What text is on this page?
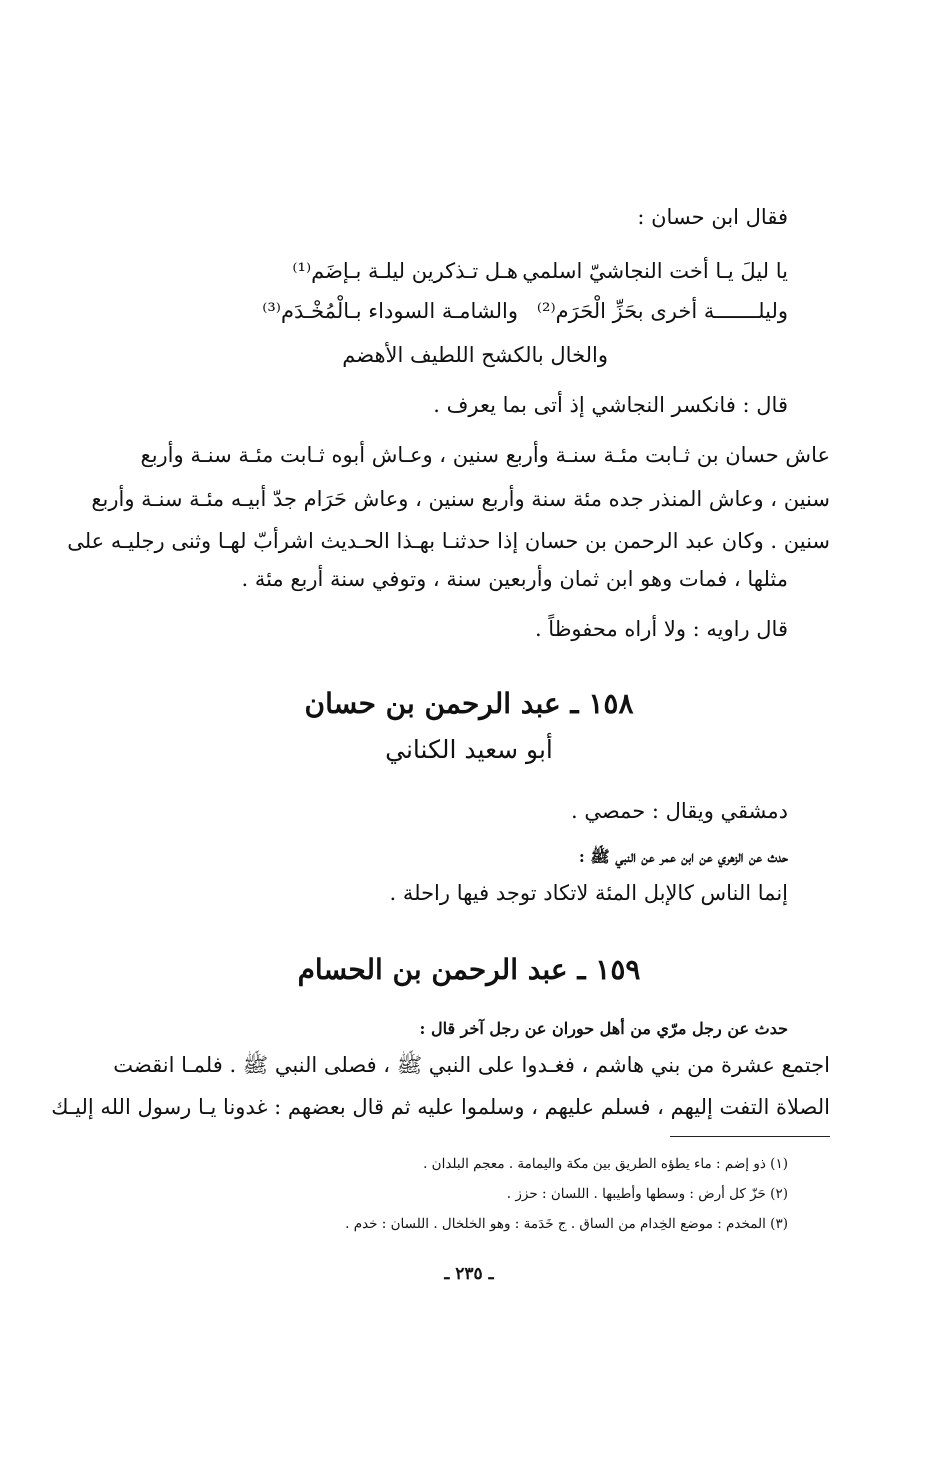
فقال ابن حسان :
يا ليلَ يـا أخت النجاشيّ اسلمي
هـل تـذكرين ليلـة بـإضَم⁽¹⁾
وليلـــــــة أخرى بحَزِّ الْحَرَم⁽²⁾
والشامـة السوداء بـالْمُخْـدَم⁽³⁾
والخال بالكشح اللطيف الأهضم
قال : فانكسر النجاشي إذ أتى بما يعرف .
عاش حسان بن ثـابت مئـة سنـة وأربع سنين ، وعـاش أبوه ثـابت مئـة سنـة وأربع
سنين ، وعاش المنذر جده مئة سنة وأربع سنين ، وعاش حَرَام جدّ أبيـه مئـة سنـة وأربع
سنين . وكان عبد الرحمن بن حسان إذا حدثنـا بهـذا الحـديث اشرأبّ لهـا وثنى رجليـه على
مثلها ، فمات وهو ابن ثمان وأربعين سنة ، وتوفي سنة أربع مئة .
قال راويه : ولا أراه محفوظاً .
١٥٨ ـ عبد الرحمن بن حسان
أبو سعيد الكناني
دمشقي ويقال : حمصي .
حدث عن الزهري عن ابن عمر عن النبي ﷺ :
إنما الناس كالإبل المئة لاتكاد توجد فيها راحلة .
١٥٩ ـ عبد الرحمن بن الحسام
حدث عن رجل مرّي من أهل حوران عن رجل آخر قال :
اجتمع عشرة من بني هاشم ، فغـدوا على النبي ﷺ ، فصلى النبي ﷺ . فلمـا انقضت
الصلاة التفت إليهم ، فسلم عليهم ، وسلموا عليه ثم قال بعضهم : غدونا يـا رسول الله إليـك
(١) ذو إضم : ماء يطؤه الطريق بين مكة واليمامة . معجم البلدان .
(٢) حَزّ كل أرض : وسطها وأطيبها . اللسان : حزز .
(٣) المخدم : موضع الخِدام من الساق . ج خَدَمة : وهو الخلخال . اللسان : خدم .
ـ ٢٣٥ ـ
